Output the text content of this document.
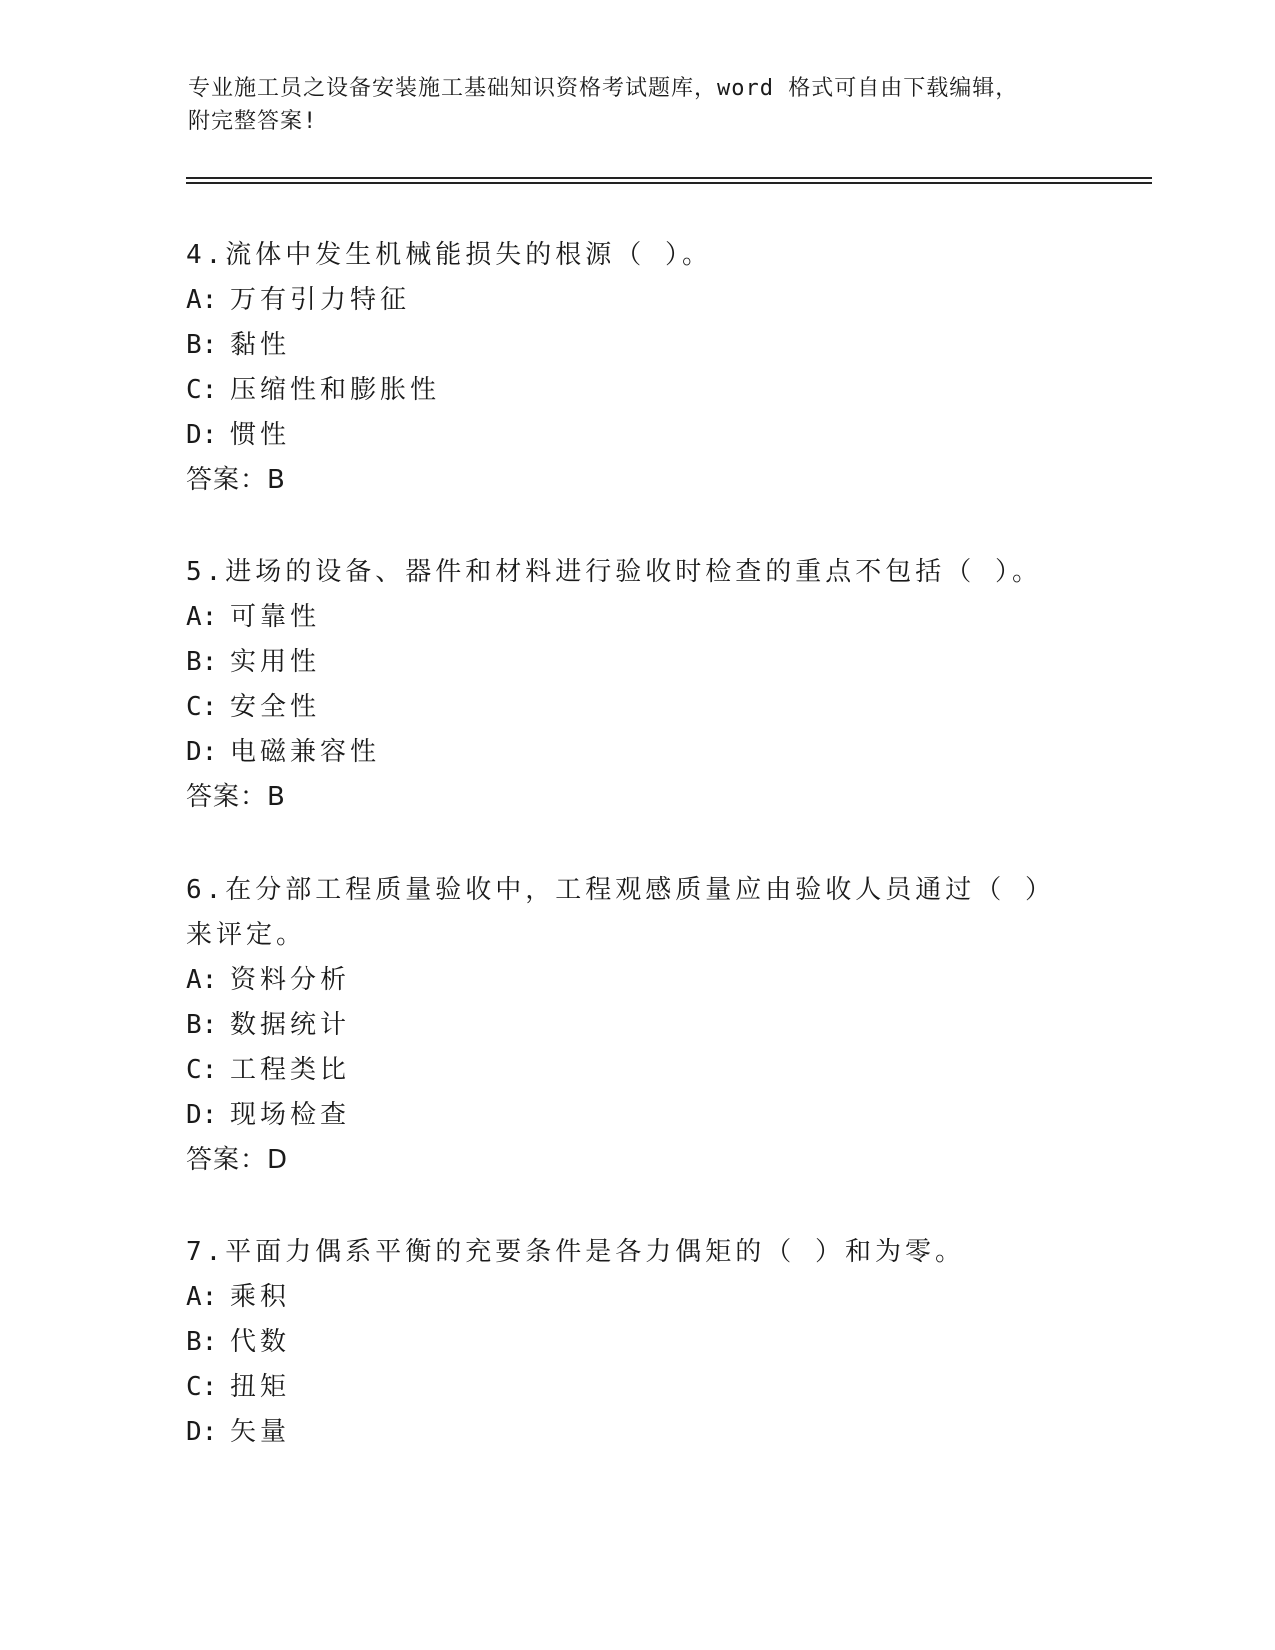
专业施工员之设备安装施工基础知识资格考试题库，word 格式可自由下载编辑，
附完整答案!

4.流体中发生机械能损失的根源（ ）。

A: 万有引力特征

B: 黏性

C: 压缩性和膨胀性

D: 惯性

答案：B

5.进场的设备、器件和材料进行验收时检查的重点不包括（ ）。

A: 可靠性

B: 实用性

C: 安全性

D: 电磁兼容性

答案：B

6.在分部工程质量验收中，工程观感质量应由验收人员通过（ ）来评定。

A: 资料分析

B: 数据统计

C: 工程类比

D: 现场检查

答案：D

7.平面力偶系平衡的充要条件是各力偶矩的（ ）和为零。

A: 乘积

B: 代数

C: 扭矩

D: 矢量
